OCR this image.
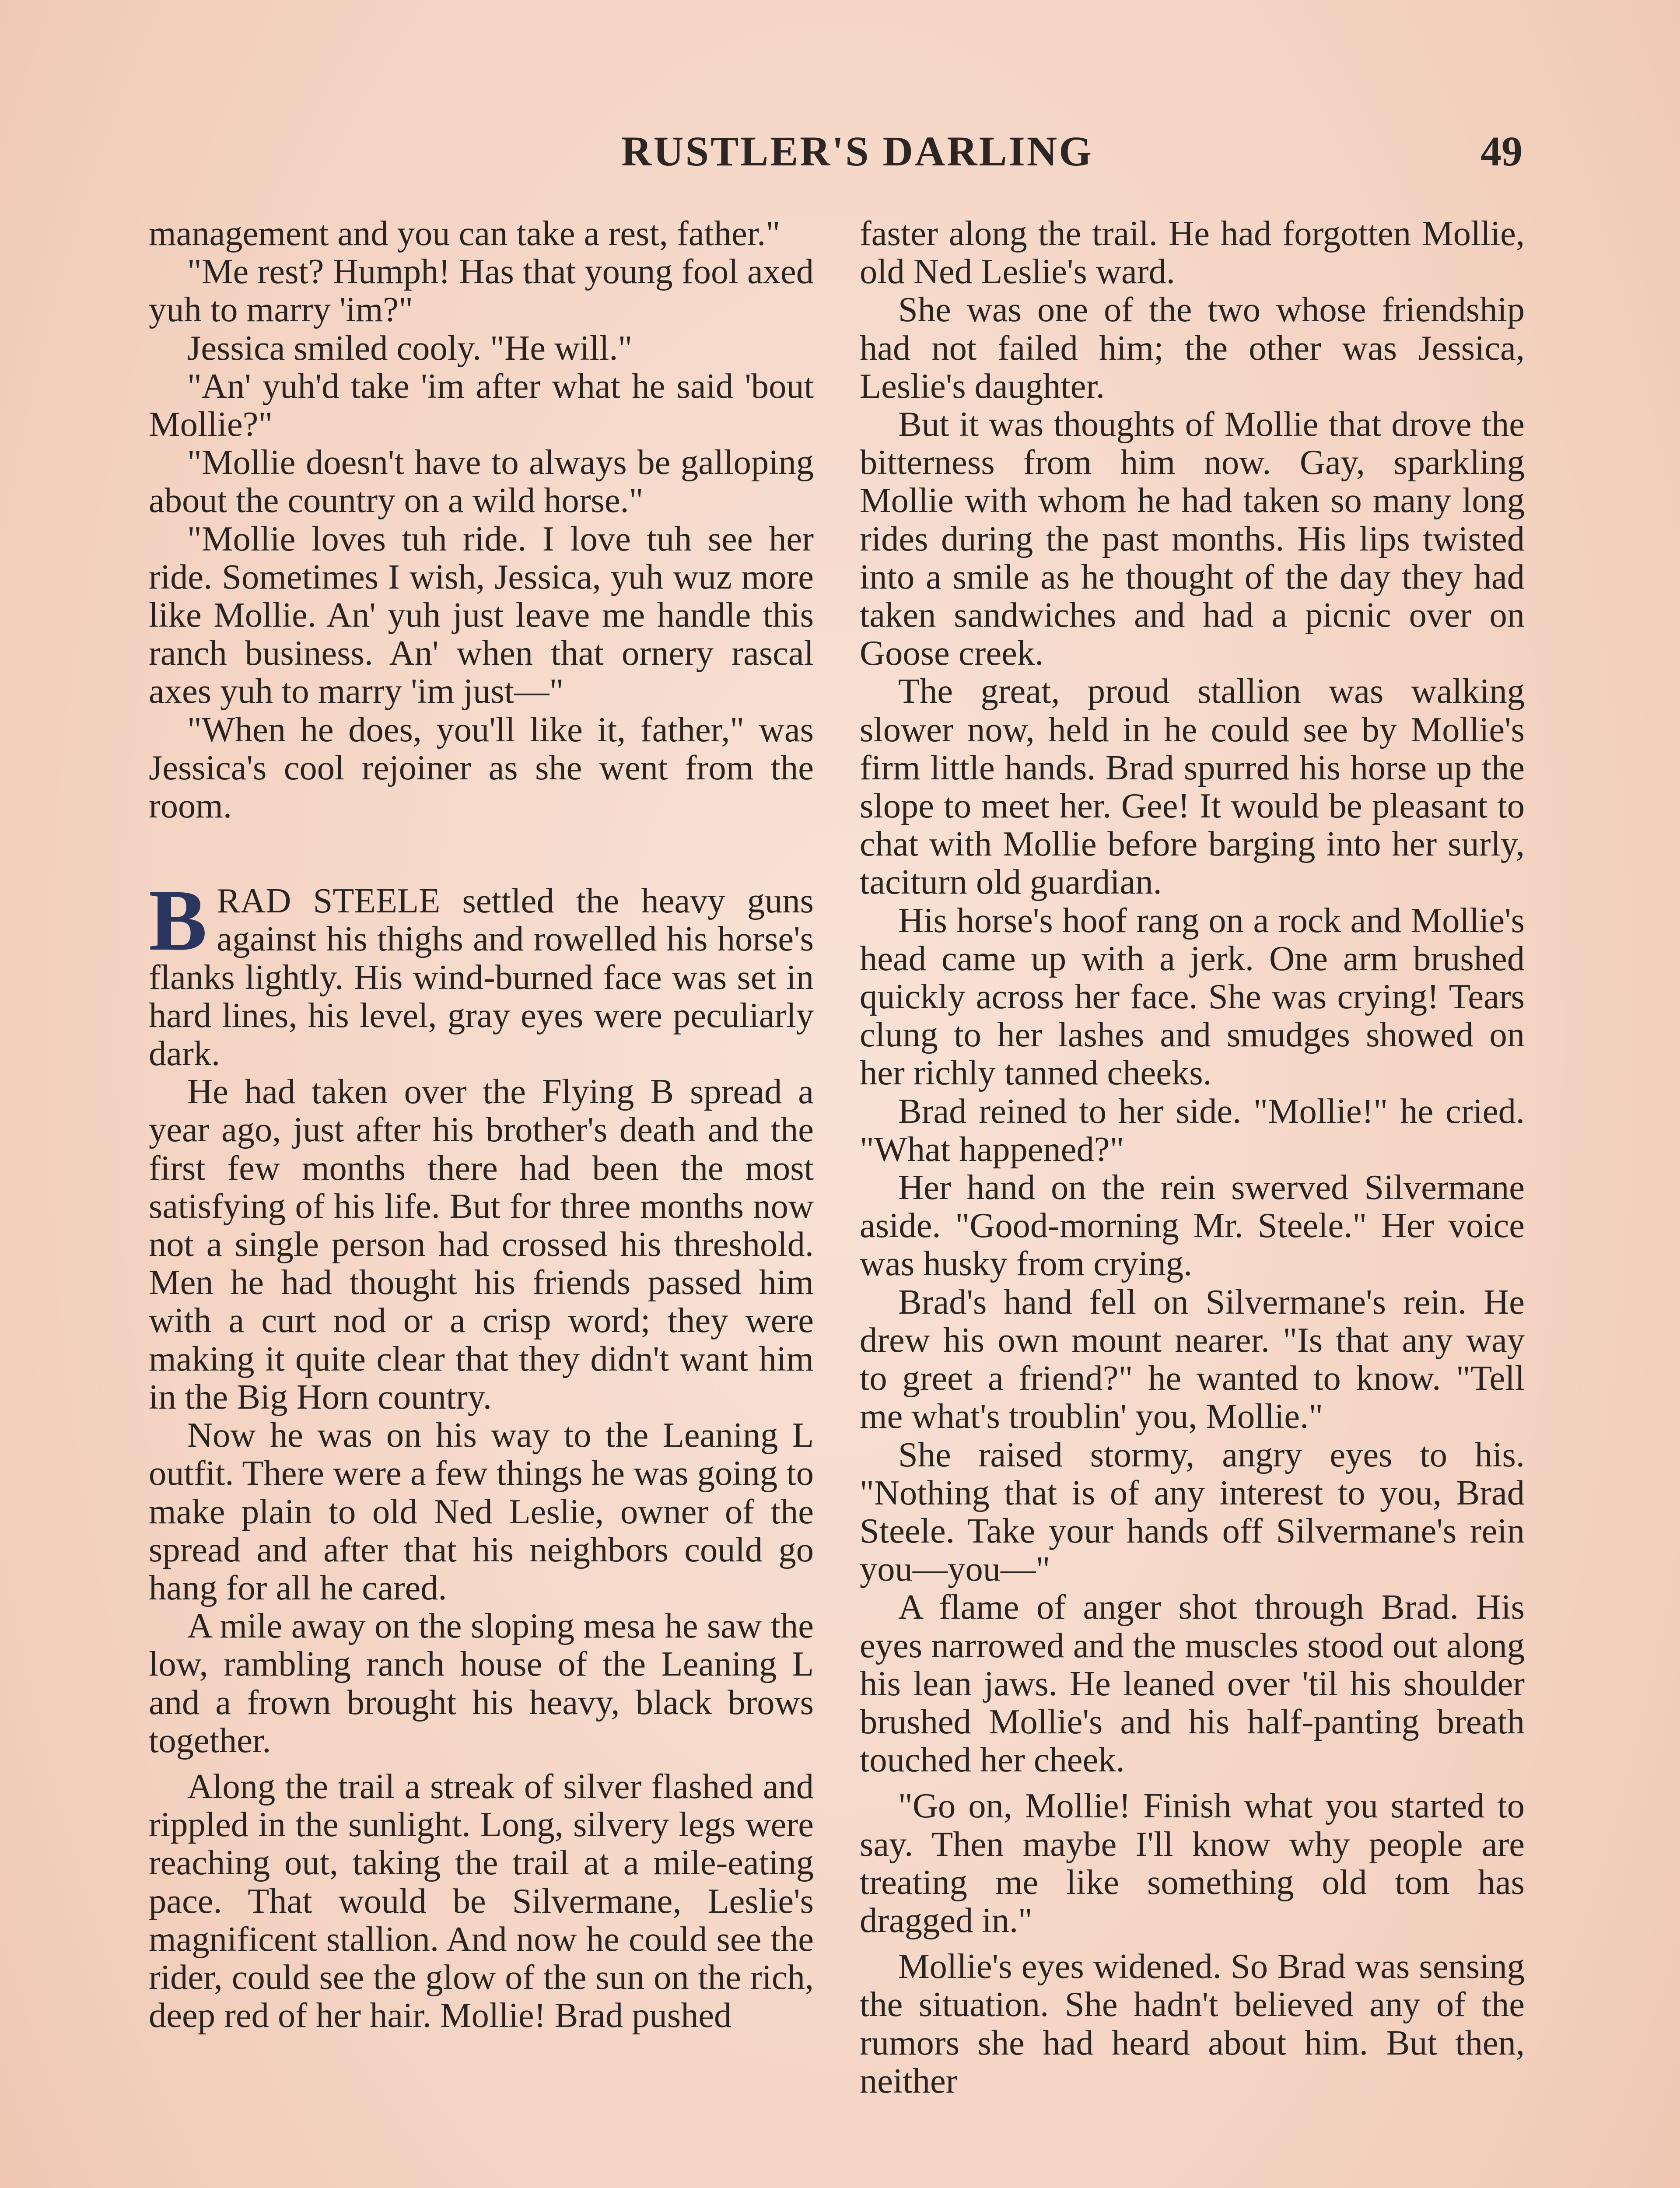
RUSTLER'S DARLING	49

management and you can take a rest, father."

"Me rest? Humph! Has that young fool axed yuh to marry 'im?"

Jessica smiled cooly. "He will."

"An' yuh'd take 'im after what he said 'bout Mollie?"

"Mollie doesn't have to always be galloping about the country on a wild horse."

"Mollie loves tuh ride. I love tuh see her ride. Sometimes I wish, Jessica, yuh wuz more like Mollie. An' yuh just leave me handle this ranch business. An' when that ornery rascal axes yuh to marry 'im just—"

"When he does, you'll like it, father," was Jessica's cool rejoiner as she went from the room.

BRAD STEELE settled the heavy guns against his thighs and rowelled his horse's flanks lightly. His wind-burned face was set in hard lines, his level, gray eyes were peculiarly dark.

He had taken over the Flying B spread a year ago, just after his brother's death and the first few months there had been the most satisfying of his life. But for three months now not a single person had crossed his threshold. Men he had thought his friends passed him with a curt nod or a crisp word; they were making it quite clear that they didn't want him in the Big Horn country.

Now he was on his way to the Leaning L outfit. There were a few things he was going to make plain to old Ned Leslie, owner of the spread and after that his neighbors could go hang for all he cared.

A mile away on the sloping mesa he saw the low, rambling ranch house of the Leaning L and a frown brought his heavy, black brows together.

Along the trail a streak of silver flashed and rippled in the sunlight. Long, silvery legs were reaching out, taking the trail at a mile-eating pace. That would be Silvermane, Leslie's magnificent stallion. And now he could see the rider, could see the glow of the sun on the rich, deep red of her hair. Mollie! Brad pushed

faster along the trail. He had forgotten Mollie, old Ned Leslie's ward.

She was one of the two whose friendship had not failed him; the other was Jessica, Leslie's daughter.

But it was thoughts of Mollie that drove the bitterness from him now. Gay, sparkling Mollie with whom he had taken so many long rides during the past months. His lips twisted into a smile as he thought of the day they had taken sandwiches and had a picnic over on Goose creek.

The great, proud stallion was walking slower now, held in he could see by Mollie's firm little hands. Brad spurred his horse up the slope to meet her. Gee! It would be pleasant to chat with Mollie before barging into her surly, taciturn old guardian.

His horse's hoof rang on a rock and Mollie's head came up with a jerk. One arm brushed quickly across her face. She was crying! Tears clung to her lashes and smudges showed on her richly tanned cheeks.

Brad reined to her side. "Mollie!" he cried. "What happened?"

Her hand on the rein swerved Silvermane aside. "Good-morning Mr. Steele." Her voice was husky from crying.

Brad's hand fell on Silvermane's rein. He drew his own mount nearer. "Is that any way to greet a friend?" he wanted to know. "Tell me what's troublin' you, Mollie."

She raised stormy, angry eyes to his. "Nothing that is of any interest to you, Brad Steele. Take your hands off Silvermane's rein you—you—"

A flame of anger shot through Brad. His eyes narrowed and the muscles stood out along his lean jaws. He leaned over 'til his shoulder brushed Mollie's and his half-panting breath touched her cheek.

"Go on, Mollie! Finish what you started to say. Then maybe I'll know why people are treating me like something old tom has dragged in."

Mollie's eyes widened. So Brad was sensing the situation. She hadn't believed any of the rumors she had heard about him. But then, neither
